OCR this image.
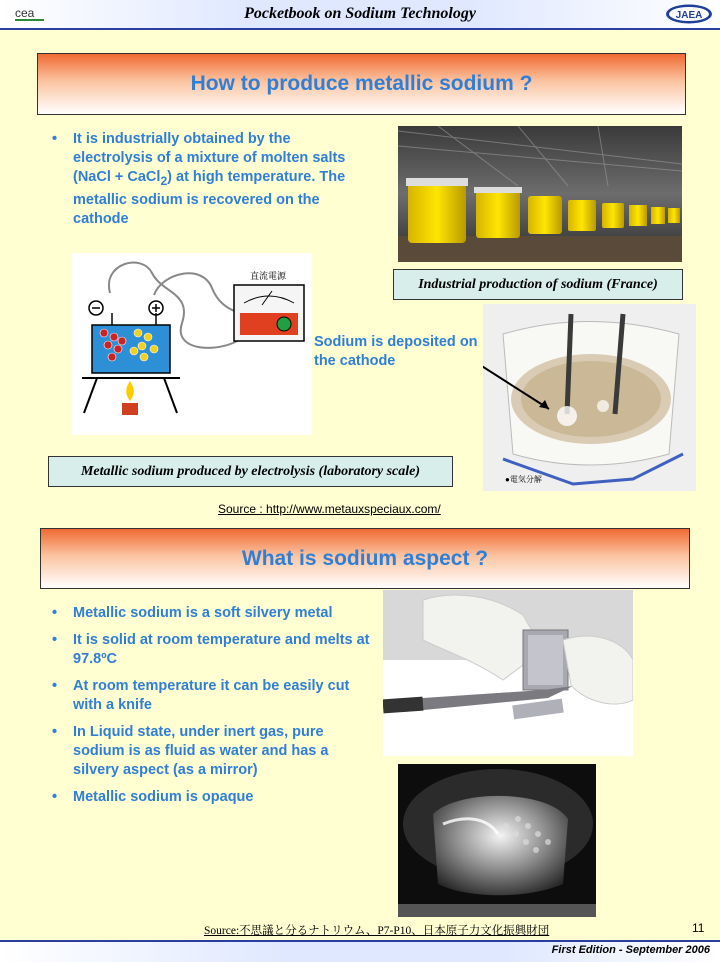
cea	Pocketbook on Sodium Technology	JAEA
How to produce metallic sodium ?
• It is industrially obtained by the electrolysis of a mixture of molten salts (NaCl + CaCl$_2$) at high temperature. The metallic sodium is recovered on the cathode
Industrial production of sodium (France)
直流電源
Sodium is deposited on the cathode
●電気分解
Metallic sodium produced by electrolysis (laboratory scale)
Source : http://www.metauxspeciaux.com/
What is sodium aspect ?
• Metallic sodium is a soft silvery metal
• It is solid at room temperature and melts at 97.8ºC
• At room temperature it can be easily cut with a knife
• In Liquid state, under inert gas, pure sodium is as fluid as water and has a silvery aspect (as a mirror)
• Metallic sodium is opaque
Source:不思議と分るナトリウム、P7-P10、日本原子力文化振興財団	11
First Edition - September 2006
